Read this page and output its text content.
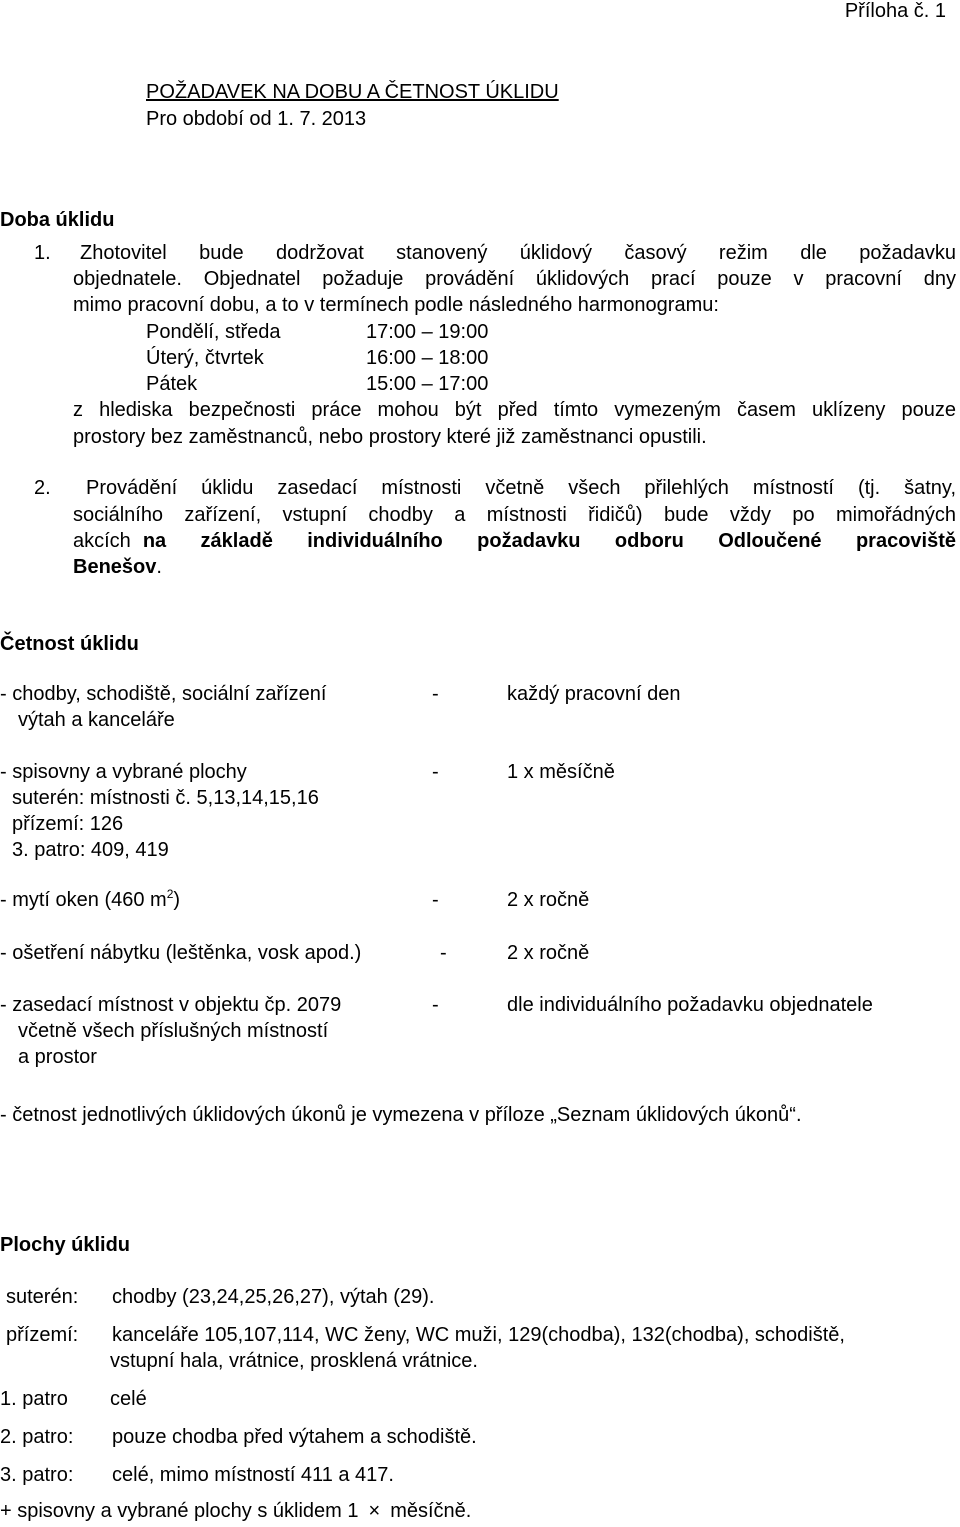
Příloha č. 1
POŽADAVEK NA DOBU A ČETNOST ÚKLIDU
Pro období od 1. 7. 2013
Doba úklidu
1. Zhotovitel bude dodržovat stanovený úklidový časový režim dle požadavku
objednatele. Objednatel požaduje provádění úklidových prací pouze v pracovní dny
mimo pracovní dobu, a to v termínech podle následného harmonogramu:
Pondělí, středa	17:00 – 19:00
Úterý, čtvrtek	16:00 – 18:00
Pátek	15:00 – 17:00
z hlediska bezpečnosti práce mohou být před tímto vymezeným časem uklízeny pouze
prostory bez zaměstnanců, nebo prostory které již zaměstnanci opustili.
2. Provádění úklidu zasedací místnosti včetně všech přilehlých místností (tj. šatny,
sociálního zařízení, vstupní chodby a místnosti řidičů) bude vždy po mimořádných
akcích na základě individuálního požadavku odboru Odloučené pracoviště
Benešov.
Četnost úklidu
- chodby, schodiště, sociální zařízení
výtah a kanceláře
-	každý pracovní den
- spisovny a vybrané plochy
suterén: místnosti č. 5,13,14,15,16
přízemí: 126
3. patro: 409, 419
-	1 x měsíčně
- mytí oken (460 $m^2$)	-	2 x ročně
- ošetření nábytku (leštěnka, vosk apod.)	-	2 x ročně
- zasedací místnost v objektu čp. 2079
včetně všech příslušných místností
a prostor
-	dle individuálního požadavku objednatele
- četnost jednotlivých úklidových úkonů je vymezena v příloze „Seznam úklidových úkonů“.
Plochy úklidu
suterén: chodby (23,24,25,26,27), výtah (29).
přízemí: kanceláře 105,107,114, WC ženy, WC muži, 129(chodba), 132(chodba), schodiště,
vstupní hala, vrátnice, prosklená vrátnice.
1. patro celé
2. patro: pouze chodba před výtahem a schodiště.
3. patro: celé, mimo místností 411 a 417.
+ spisovny a vybrané plochy s úklidem 1 × měsíčně.
